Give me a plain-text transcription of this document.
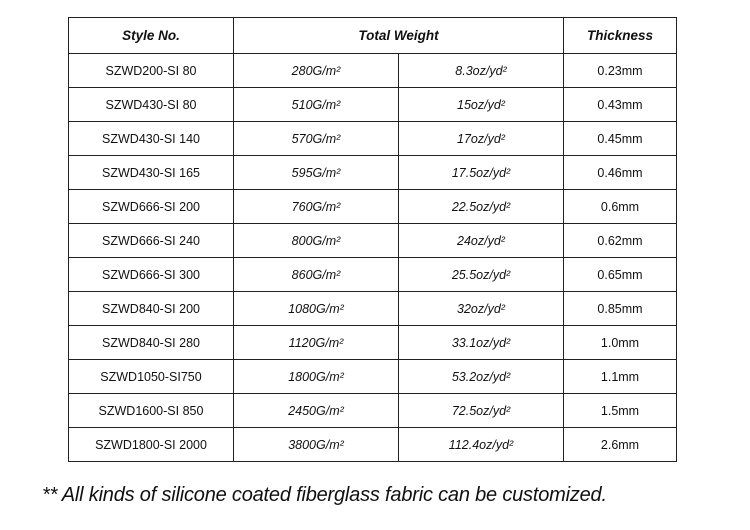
Style No.	Total Weight		Thickness
SZWD200-SI 80	280G/m²	8.3oz/yd²	0.23mm
SZWD430-SI 80	510G/m²	15oz/yd²	0.43mm
SZWD430-SI 140	570G/m²	17oz/yd²	0.45mm
SZWD430-SI 165	595G/m²	17.5oz/yd²	0.46mm
SZWD666-SI 200	760G/m²	22.5oz/yd²	0.6mm
SZWD666-SI 240	800G/m²	24oz/yd²	0.62mm
SZWD666-SI 300	860G/m²	25.5oz/yd²	0.65mm
SZWD840-SI 200	1080G/m²	32oz/yd²	0.85mm
SZWD840-SI 280	1120G/m²	33.1oz/yd²	1.0mm
SZWD1050-SI750	1800G/m²	53.2oz/yd²	1.1mm
SZWD1600-SI 850	2450G/m²	72.5oz/yd²	1.5mm
SZWD1800-SI 2000	3800G/m²	112.4oz/yd²	2.6mm
** All kinds of silicone coated fiberglass fabric can be customized.
